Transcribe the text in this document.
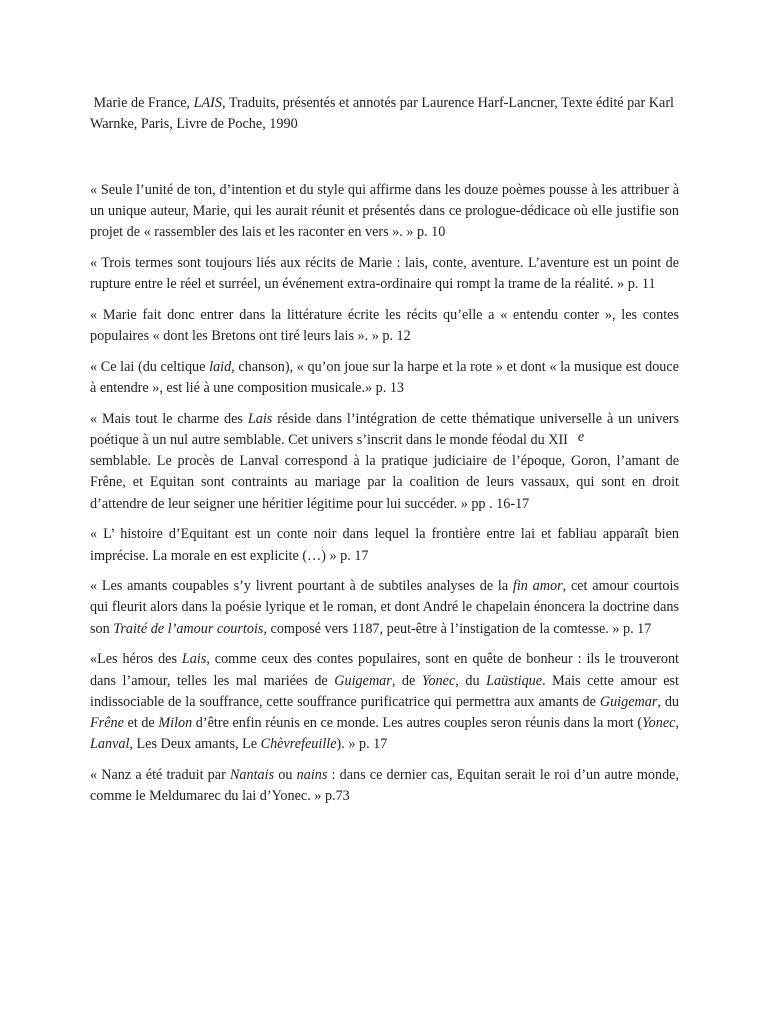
Marie de France, LAIS, Traduits, présentés et annotés par Laurence Harf-Lancner, Texte édité par Karl Warnke, Paris, Livre de Poche, 1990

« Seule l’unité de ton, d’intention et du style qui affirme dans les douze poèmes pousse à les attribuer à un unique auteur, Marie, qui les aurait réunit et présentés dans ce prologue-dédicace où elle justifie son projet de « rassembler des lais et les raconter en vers ». » p. 10

« Trois termes sont toujours liés aux récits de Marie : lais, conte, aventure. L’aventure est un point de rupture entre le réel et surréel, un événement extra-ordinaire qui rompt la trame de la réalité. » p. 11

« Marie fait donc entrer dans la littérature écrite les récits qu’elle a « entendu conter », les contes populaires « dont les Bretons ont tiré leurs lais ». » p. 12

« Ce lai (du celtique laid, chanson), « qu’on joue sur la harpe et la rote » et dont « la musique est douce à entendre », est lié à une composition musicale.» p. 13

« Mais tout le charme des Lais réside dans l’intégration de cette thématique universelle à un univers poétique à un nul autre semblable. Cet univers s’inscrit dans le monde féodal du XII e
semblable. Le procès de Lanval correspond à la pratique judiciaire de l’époque, Goron, l’amant de Frêne, et Equitan sont contraints au mariage par la coalition de leurs vassaux, qui sont en droit d’attendre de leur seigner une héritier légitime pour lui succéder. » pp . 16-17

« L’ histoire d’Equitant est un conte noir dans lequel la frontière entre lai et fabliau apparaît bien imprécise. La morale en est explicite (…) » p. 17

« Les amants coupables s’y livrent pourtant à de subtiles analyses de la fin amor, cet amour courtois qui fleurit alors dans la poésie lyrique et le roman, et dont André le chapelain énoncera la doctrine dans son Traité de l’amour courtois, composé vers 1187, peut-être à l’instigation de la comtesse. » p. 17

«Les héros des Lais, comme ceux des contes populaires, sont en quête de bonheur : ils le trouveront dans l’amour, telles les mal mariées de Guigemar, de Yonec, du Laüstique. Mais cette amour est indissociable de la souffrance, cette souffrance purificatrice qui permettra aux amants de Guigemar, du Frêne et de Milon d’être enfin réunis en ce monde. Les autres couples seron réunis dans la mort (Yonec, Lanval, Les Deux amants, Le Chèvrefeuille). » p. 17

« Nanz a été traduit par Nantais ou nains : dans ce dernier cas, Equitan serait le roi d’un autre monde, comme le Meldumarec du lai d’Yonec. » p.73
